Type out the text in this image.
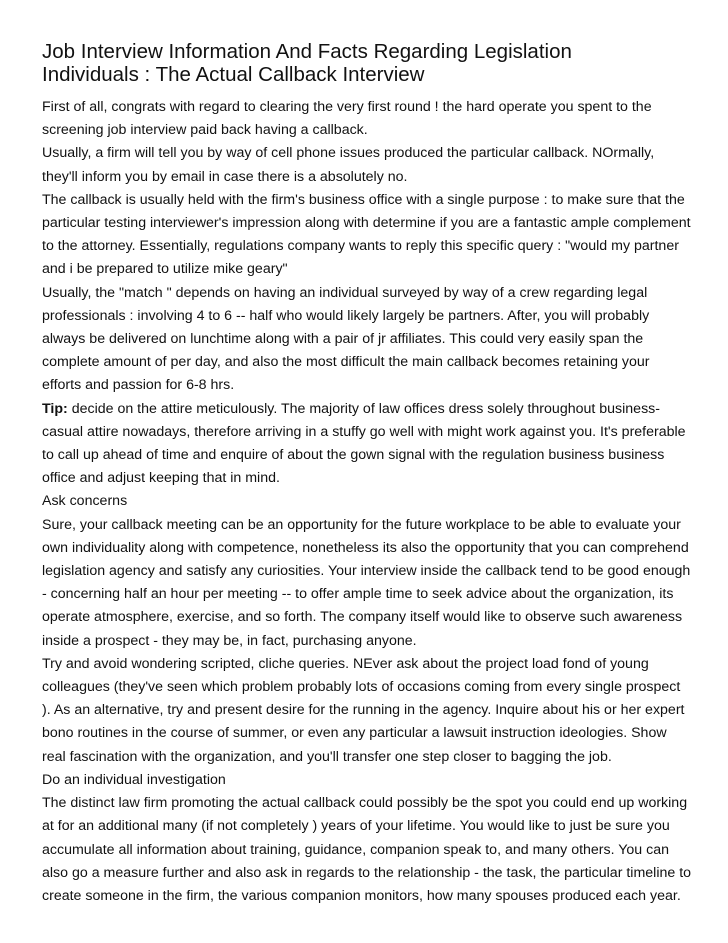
Job Interview Information And Facts Regarding Legislation
Individuals : The Actual Callback Interview

First of all, congrats with regard to clearing the very first round ! the hard operate you spent to the screening job interview paid back having a callback.

Usually, a firm will tell you by way of cell phone issues produced the particular callback. NOrmally, they'll inform you by email in case there is a absolutely no.

The callback is usually held with the firm's business office with a single purpose : to make sure that the particular testing interviewer's impression along with determine if you are a fantastic ample complement to the attorney. Essentially, regulations company wants to reply this specific query : "would my partner and i be prepared to utilize mike geary"

Usually, the "match " depends on having an individual surveyed by way of a crew regarding legal professionals : involving 4 to 6 -- half who would likely largely be partners. After, you will probably always be delivered on lunchtime along with a pair of jr affiliates. This could very easily span the complete amount of per day, and also the most difficult the main callback becomes retaining your efforts and passion for 6-8 hrs.

Tip: decide on the attire meticulously. The majority of law offices dress solely throughout business-casual attire nowadays, therefore arriving in a stuffy go well with might work against you. It's preferable to call up ahead of time and enquire of about the gown signal with the regulation business business office and adjust keeping that in mind.

Ask concerns

Sure, your callback meeting can be an opportunity for the future workplace to be able to evaluate your own individuality along with competence, nonetheless its also the opportunity that you can comprehend legislation agency and satisfy any curiosities. Your interview inside the callback tend to be good enough - concerning half an hour per meeting -- to offer ample time to seek advice about the organization, its operate atmosphere, exercise, and so forth. The company itself would like to observe such awareness inside a prospect - they may be, in fact, purchasing anyone.

Try and avoid wondering scripted, cliche queries. NEver ask about the project load fond of young colleagues (they've seen which problem probably lots of occasions coming from every single prospect ). As an alternative, try and present desire for the running in the agency. Inquire about his or her expert bono routines in the course of summer, or even any particular a lawsuit instruction ideologies. Show real fascination with the organization, and you'll transfer one step closer to bagging the job.

Do an individual investigation

The distinct law firm promoting the actual callback could possibly be the spot you could end up working at for an additional many (if not completely ) years of your lifetime. You would like to just be sure you accumulate all information about training, guidance, companion speak to, and many others. You can also go a measure further and also ask in regards to the relationship - the task, the particular timeline to create someone in the firm, the various companion monitors, how many spouses produced each year.
